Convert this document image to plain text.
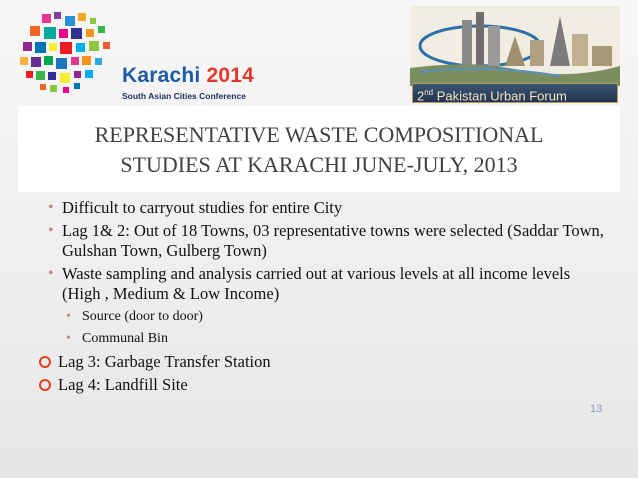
Karachi 2014
South Asian Cities Conference	2nd Pakistan Urban Forum
REPRESENTATIVE WASTE COMPOSITIONAL
STUDIES AT KARACHI JUNE-JULY, 2013
• Difficult to carryout studies for entire City
• Lag 1& 2: Out of 18 Towns, 03 representative towns were selected (Saddar Town, Gulshan Town, Gulberg Town)
• Waste sampling and analysis carried out at various levels at all income levels (High , Medium & Low Income)
• Source (door to door)
• Communal Bin
Lag 3: Garbage Transfer Station
Lag 4: Landfill Site
13
